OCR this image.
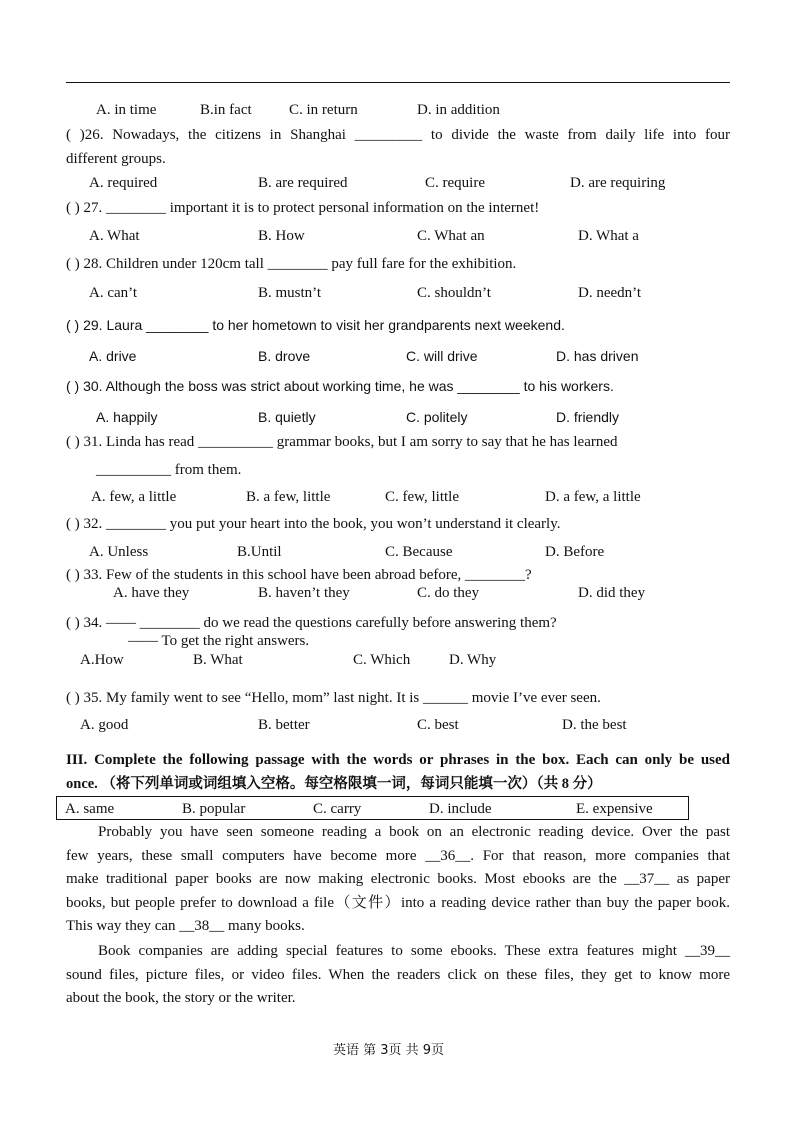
A. in time	B.in fact C. in return	D. in addition
( )26. Nowadays, the citizens in Shanghai _________ to divide the waste from daily life into four
different groups.
A. required	B. are required	C. require	D. are requiring
( ) 27. ________ important it is to protect personal information on the internet!
A. What	B. How	C. What an	D. What a
( ) 28. Children under 120cm tall ________ pay full fare for the exhibition.
A. can’t	B. mustn’t	C. shouldn’t	D. needn’t
( ) 29. Laura ________ to her hometown to visit her grandparents next weekend.
A. drive	B. drove	C. will drive	D. has driven
( ) 30. Although the boss was strict about working time, he was ________ to his workers.
A. happily	B. quietly	C. politely	D. friendly
( ) 31. Linda has read __________ grammar books, but I am sorry to say that he has learned
__________ from them.
A. few, a little	B. a few, little	C. few, little	D. a few, a little
( ) 32. ________ you put your heart into the book, you won’t understand it clearly.
A. Unless	B.Until	C. Because	D. Before
( ) 33. Few of the students in this school have been abroad before, ________?
A. have they	B. haven’t they	C. do they	D. did they
( ) 34. —— ________ do we read the questions carefully before answering them?
—— To get the right answers.
A.How	B. What	C. Which	D. Why
( ) 35. My family went to see “Hello, mom” last night. It is ______ movie I’ve ever seen.
A. good	B. better	C. best	D. the best
III. Complete the following passage with the words or phrases in the box. Each can only be used
once. （将下列单词或词组填入空格。每空格限填一词，每词只能填一次）（共 8 分）
A. same	B. popular	C. carry	D. include	E. expensive
Probably you have seen someone reading a book on an electronic reading device. Over the past
few years, these small computers have become more __36__. For that reason, more companies that
make traditional paper books are now making electronic books. Most ebooks are the __37__ as paper
books, but people prefer to download a file（文件）into a reading device rather than buy the paper book.
This way they can __38__ many books.
Book companies are adding special features to some ebooks. These extra features might __39__
sound files, picture files, or video files. When the readers click on these files, they get to know more
about the book, the story or the writer.
英语 第 3页 共 9页
